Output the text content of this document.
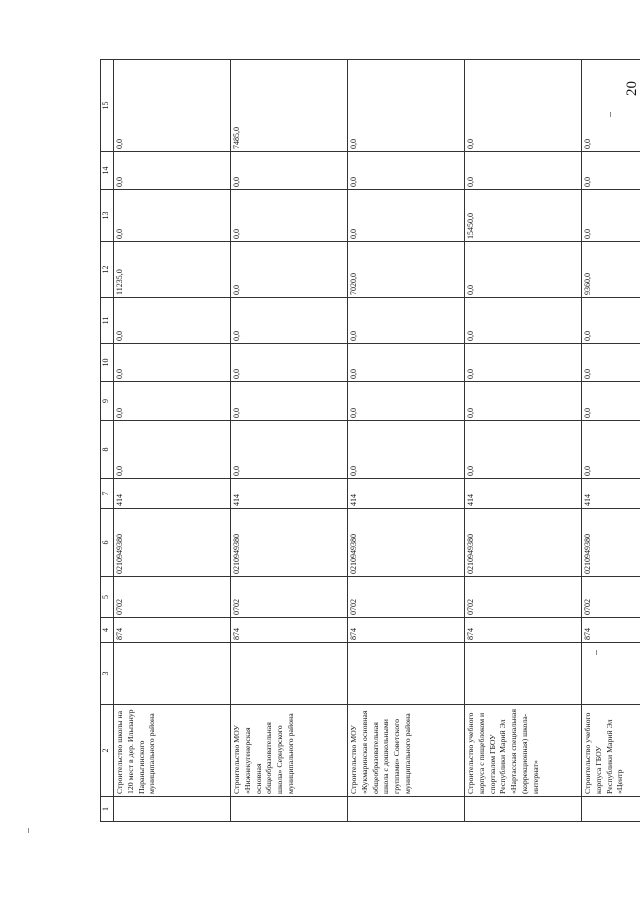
20
1	2	3	4	5	6	7	8	9	10	11	12	13	14	15
	Строительство школы на 120 мест в дер. Ильпанур Параньгинского муниципального района		874	0702	0210949380	414	0,0	0,0	0,0	0,0	11235,0	0,0	0,0	0,0
	Строительство МОУ «Нижнекугенерская основная общеобразовательная школа» Сернурского муниципального района		874	0702	0210949380	414	0,0	0,0	0,0	0,0	0,0	0,0	0,0	7485,0
	Строительство МОУ «Кукмаринская основная общеобразовательная школа с дошкольными группами» Советского муниципального района		874	0702	0210949380	414	0,0	0,0	0,0	0,0	7020,0	0,0	0,0	0,0
	Строительство учебного корпуса с пищеблоком и спортзалом ГБОУ Республики Марий Эл «Нартасская специальная (коррекционная) школа-интернат»		874	0702	0210949380	414	0,0	0,0	0,0	0,0	0,0	15450,0	0,0	0,0
	Строительство учебного корпуса ГБОУ Республики Марий Эл «Центр		874	0702	0210949380	414	0,0	0,0	0,0	0,0	9360,0	0,0	0,0	0,0
